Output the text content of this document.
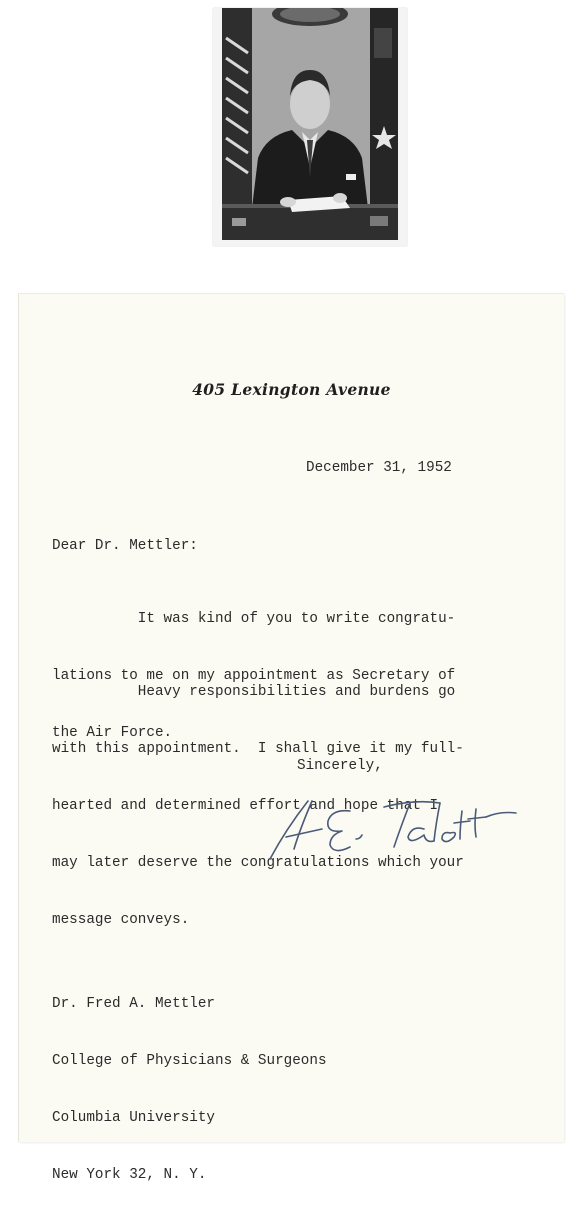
405 Lexington Avenue
December 31, 1952
Dear Dr. Mettler:

It was kind of you to write congratu-

lations to me on my appointment as Secretary of

the Air Force.

Heavy responsibilities and burdens go

with this appointment.  I shall give it my full-

hearted and determined effort and hope that I

may later deserve the congratulations which your

message conveys.

Sincerely,

Dr. Fred A. Mettler

College of Physicians & Surgeons

Columbia University

New York 32, N. Y.
